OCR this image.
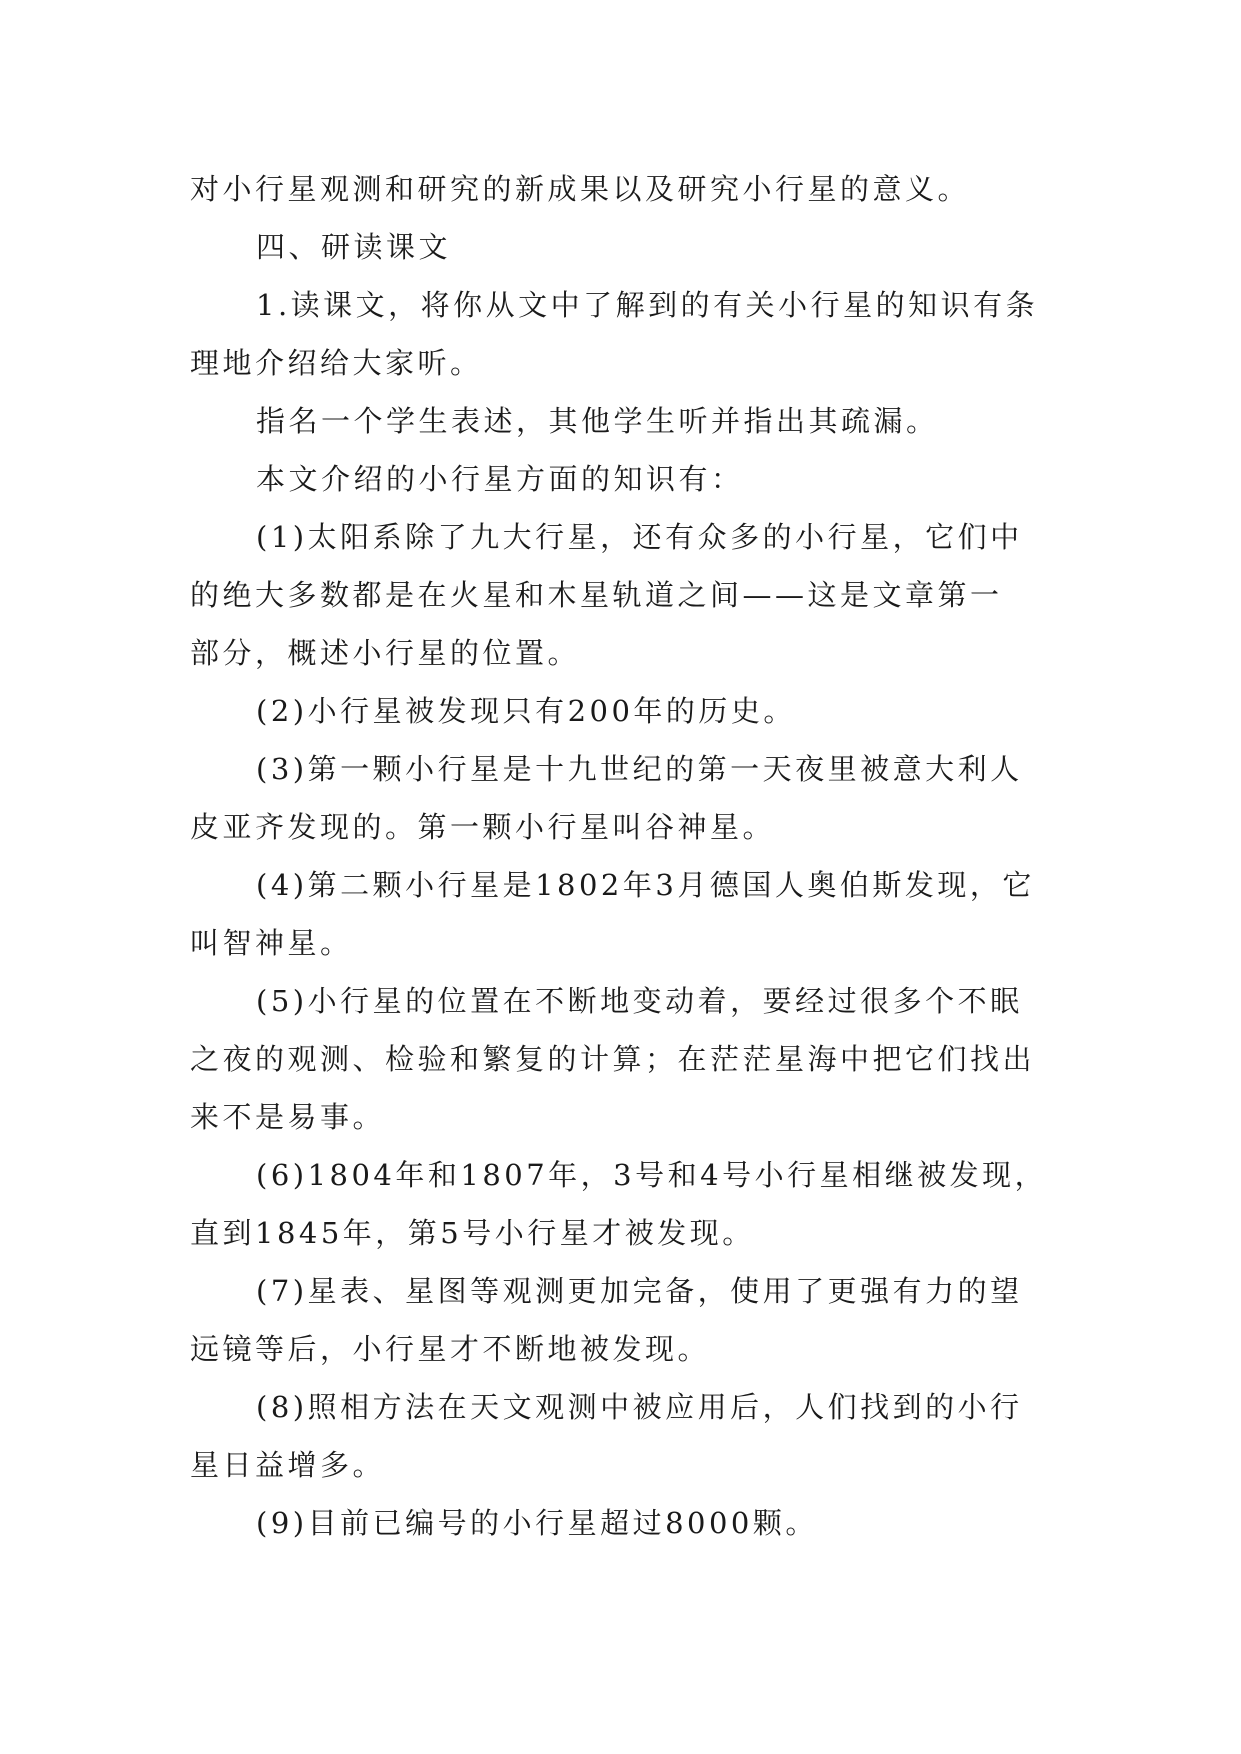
对小行星观测和研究的新成果以及研究小行星的意义。

四、研读课文

1.读课文，将你从文中了解到的有关小行星的知识有条

理地介绍给大家听。

指名一个学生表述，其他学生听并指出其疏漏。

本文介绍的小行星方面的知识有：

(1)太阳系除了九大行星，还有众多的小行星，它们中

的绝大多数都是在火星和木星轨道之间——这是文章第一

部分，概述小行星的位置。

(2)小行星被发现只有200年的历史。

(3)第一颗小行星是十九世纪的第一天夜里被意大利人

皮亚齐发现的。第一颗小行星叫谷神星。

(4)第二颗小行星是1802年3月德国人奥伯斯发现，它

叫智神星。

(5)小行星的位置在不断地变动着，要经过很多个不眠

之夜的观测、检验和繁复的计算；在茫茫星海中把它们找出

来不是易事。

(6)1804年和1807年，3号和4号小行星相继被发现，

直到1845年，第5号小行星才被发现。

(7)星表、星图等观测更加完备，使用了更强有力的望

远镜等后，小行星才不断地被发现。

(8)照相方法在天文观测中被应用后，人们找到的小行

星日益增多。

(9)目前已编号的小行星超过8000颗。
